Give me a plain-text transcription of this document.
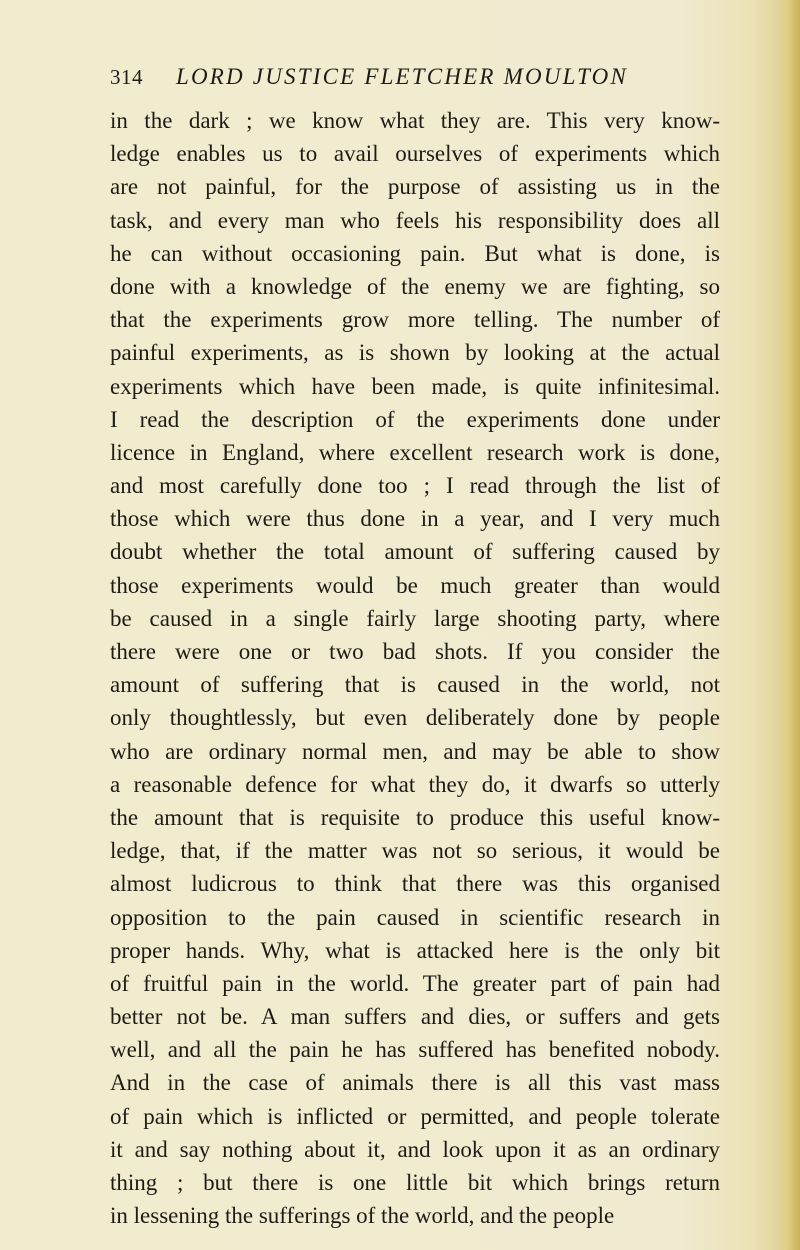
314 LORD JUSTICE FLETCHER MOULTON
in the dark ; we know what they are. This very know-
ledge enables us to avail ourselves of experiments which
are not painful, for the purpose of assisting us in the
task, and every man who feels his responsibility does all
he can without occasioning pain. But what is done, is
done with a knowledge of the enemy we are fighting, so
that the experiments grow more telling. The number of
painful experiments, as is shown by looking at the actual
experiments which have been made, is quite infinitesimal.
I read the description of the experiments done under
licence in England, where excellent research work is done,
and most carefully done too ; I read through the list of
those which were thus done in a year, and I very much
doubt whether the total amount of suffering caused by
those experiments would be much greater than would
be caused in a single fairly large shooting party, where
there were one or two bad shots. If you consider the
amount of suffering that is caused in the world, not
only thoughtlessly, but even deliberately done by people
who are ordinary normal men, and may be able to show
a reasonable defence for what they do, it dwarfs so utterly
the amount that is requisite to produce this useful know-
ledge, that, if the matter was not so serious, it would be
almost ludicrous to think that there was this organised
opposition to the pain caused in scientific research in
proper hands. Why, what is attacked here is the only bit
of fruitful pain in the world. The greater part of pain had
better not be. A man suffers and dies, or suffers and gets
well, and all the pain he has suffered has benefited nobody.
And in the case of animals there is all this vast mass
of pain which is inflicted or permitted, and people tolerate
it and say nothing about it, and look upon it as an ordinary
thing ; but there is one little bit which brings return
in lessening the sufferings of the world, and the people
